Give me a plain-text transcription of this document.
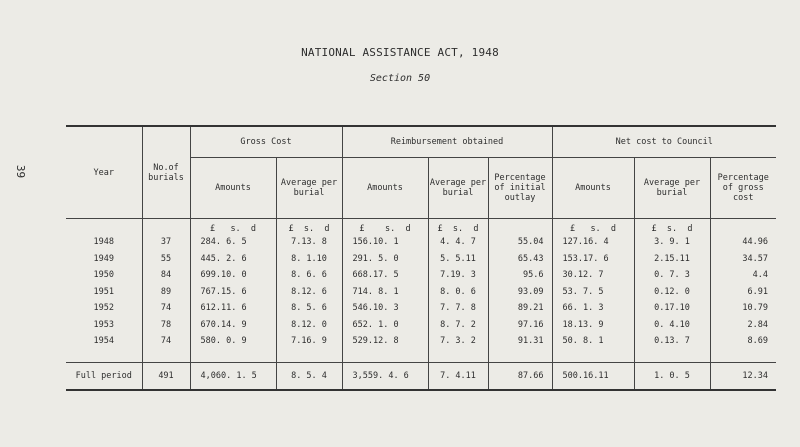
39
NATIONAL ASSISTANCE ACT, 1948
Section 50

Year	No.of burials	Gross Cost		Reimbursement obtained			Net cost to Council		
		Amounts	Average per burial	Amounts	Average per burial	Percentage of initial outlay	Amounts	Average per burial	Percentage of gross cost
		£   s.  d	£  s.  d	£    s.  d	£  s.  d		£   s.  d	£  s.  d	
1948	37	284. 6. 5	7.13. 8	156.10. 1	4. 4. 7	55.04	127.16. 4	3. 9. 1	44.96
1949	55	445. 2. 6	8. 1.10	291. 5. 0	5. 5.11	65.43	153.17. 6	2.15.11	34.57
1950	84	699.10. 0	8. 6. 6	668.17. 5	7.19. 3	95.6	30.12. 7	0. 7. 3	4.4
1951	89	767.15. 6	8.12. 6	714. 8. 1	8. 0. 6	93.09	53. 7. 5	0.12. 0	6.91
1952	74	612.11. 6	8. 5. 6	546.10. 3	7. 7. 8	89.21	66. 1. 3	0.17.10	10.79
1953	78	670.14. 9	8.12. 0	652. 1. 0	8. 7. 2	97.16	18.13. 9	0. 4.10	2.84
1954	74	580. 0. 9	7.16. 9	529.12. 8	7. 3. 2	91.31	50. 8. 1	0.13. 7	8.69

Full period	491	4,060. 1. 5	8. 5. 4	3,559. 4. 6	7. 4.11	87.66	500.16.11	1. 0. 5	12.34
